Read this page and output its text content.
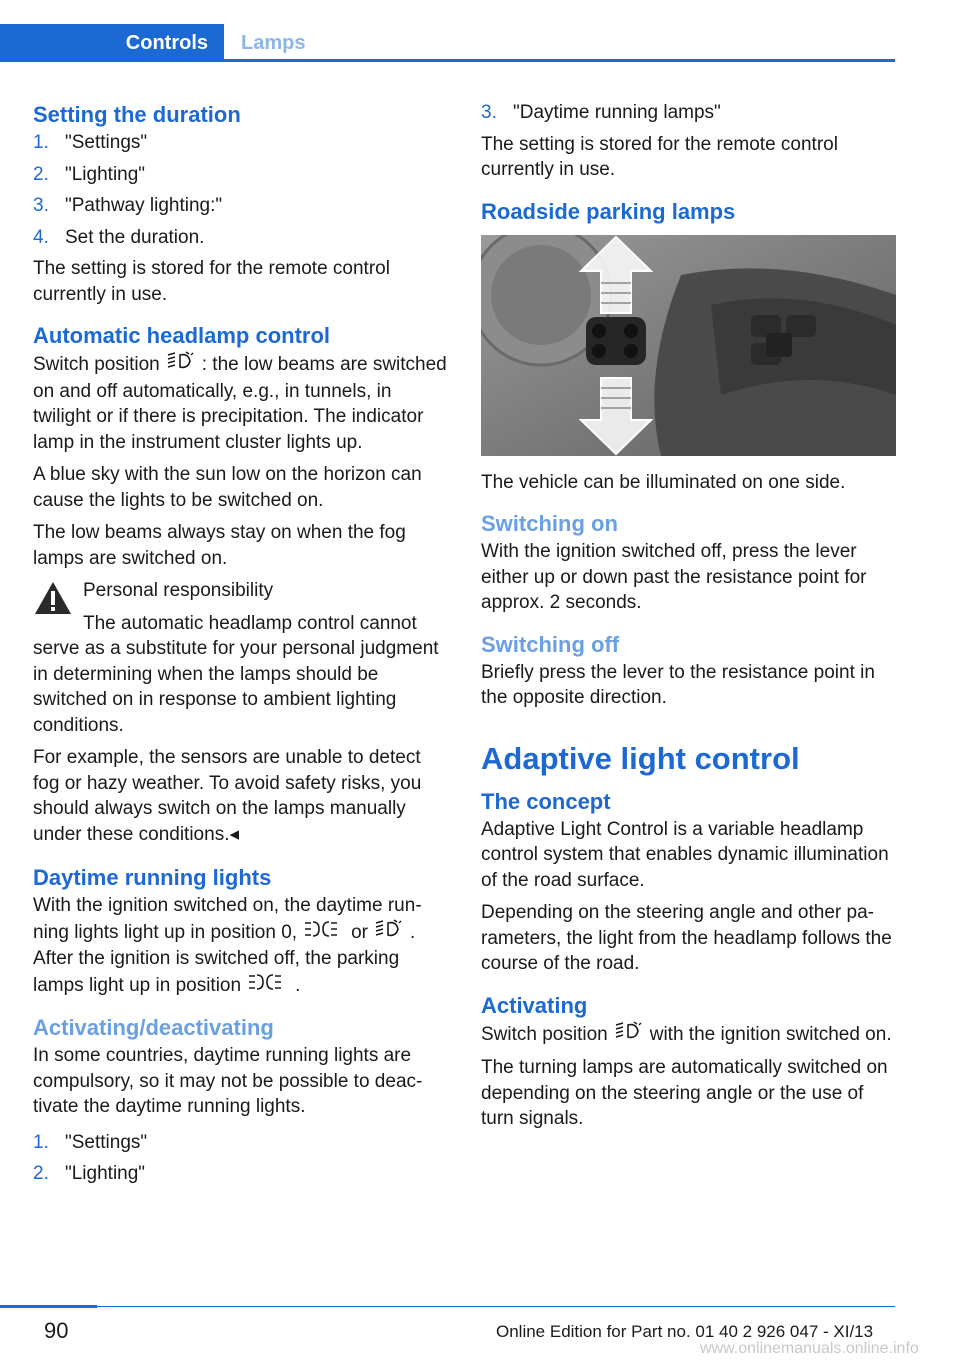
Controls	Lamps
Setting the duration
1. "Settings"
2. "Lighting"
3. "Pathway lighting:"
4. Set the duration.

The setting is stored for the remote control currently in use.

Automatic headlamp control

Switch position : the low beams are switched on and off automatically, e.g., in tunnels, in twilight or if there is precipitation. The indicator lamp in the instrument cluster lights up.

A blue sky with the sun low on the horizon can cause the lights to be switched on.

The low beams always stay on when the fog lamps are switched on.

Personal responsibility

The automatic headlamp control cannot serve as a substitute for your personal judgment in determining when the lamps should be switched on in response to ambient lighting conditions.

For example, the sensors are unable to detect fog or hazy weather. To avoid safety risks, you should always switch on the lamps manually under these conditions.◂

Daytime running lights

With the ignition switched on, the daytime running lights light up in position 0,	or .
After the ignition is switched off, the parking lamps light up in position	.

Activating/deactivating

In some countries, daytime running lights are compulsory, so it may not be possible to deactivate the daytime running lights.

1. "Settings"
2. "Lighting"
3. "Daytime running lamps"

The setting is stored for the remote control currently in use.

Roadside parking lamps

The vehicle can be illuminated on one side.

Switching on

With the ignition switched off, press the lever either up or down past the resistance point for approx. 2 seconds.

Switching off

Briefly press the lever to the resistance point in the opposite direction.

Adaptive light control
The concept

Adaptive Light Control is a variable headlamp control system that enables dynamic illumination of the road surface.

Depending on the steering angle and other parameters, the light from the headlamp follows the course of the road.

Activating

Switch position with the ignition switched on.

The turning lamps are automatically switched on depending on the steering angle or the use of turn signals.

90	Online Edition for Part no. 01 40 2 926 047 - XI/13
www.onlinemanuals.online.info
